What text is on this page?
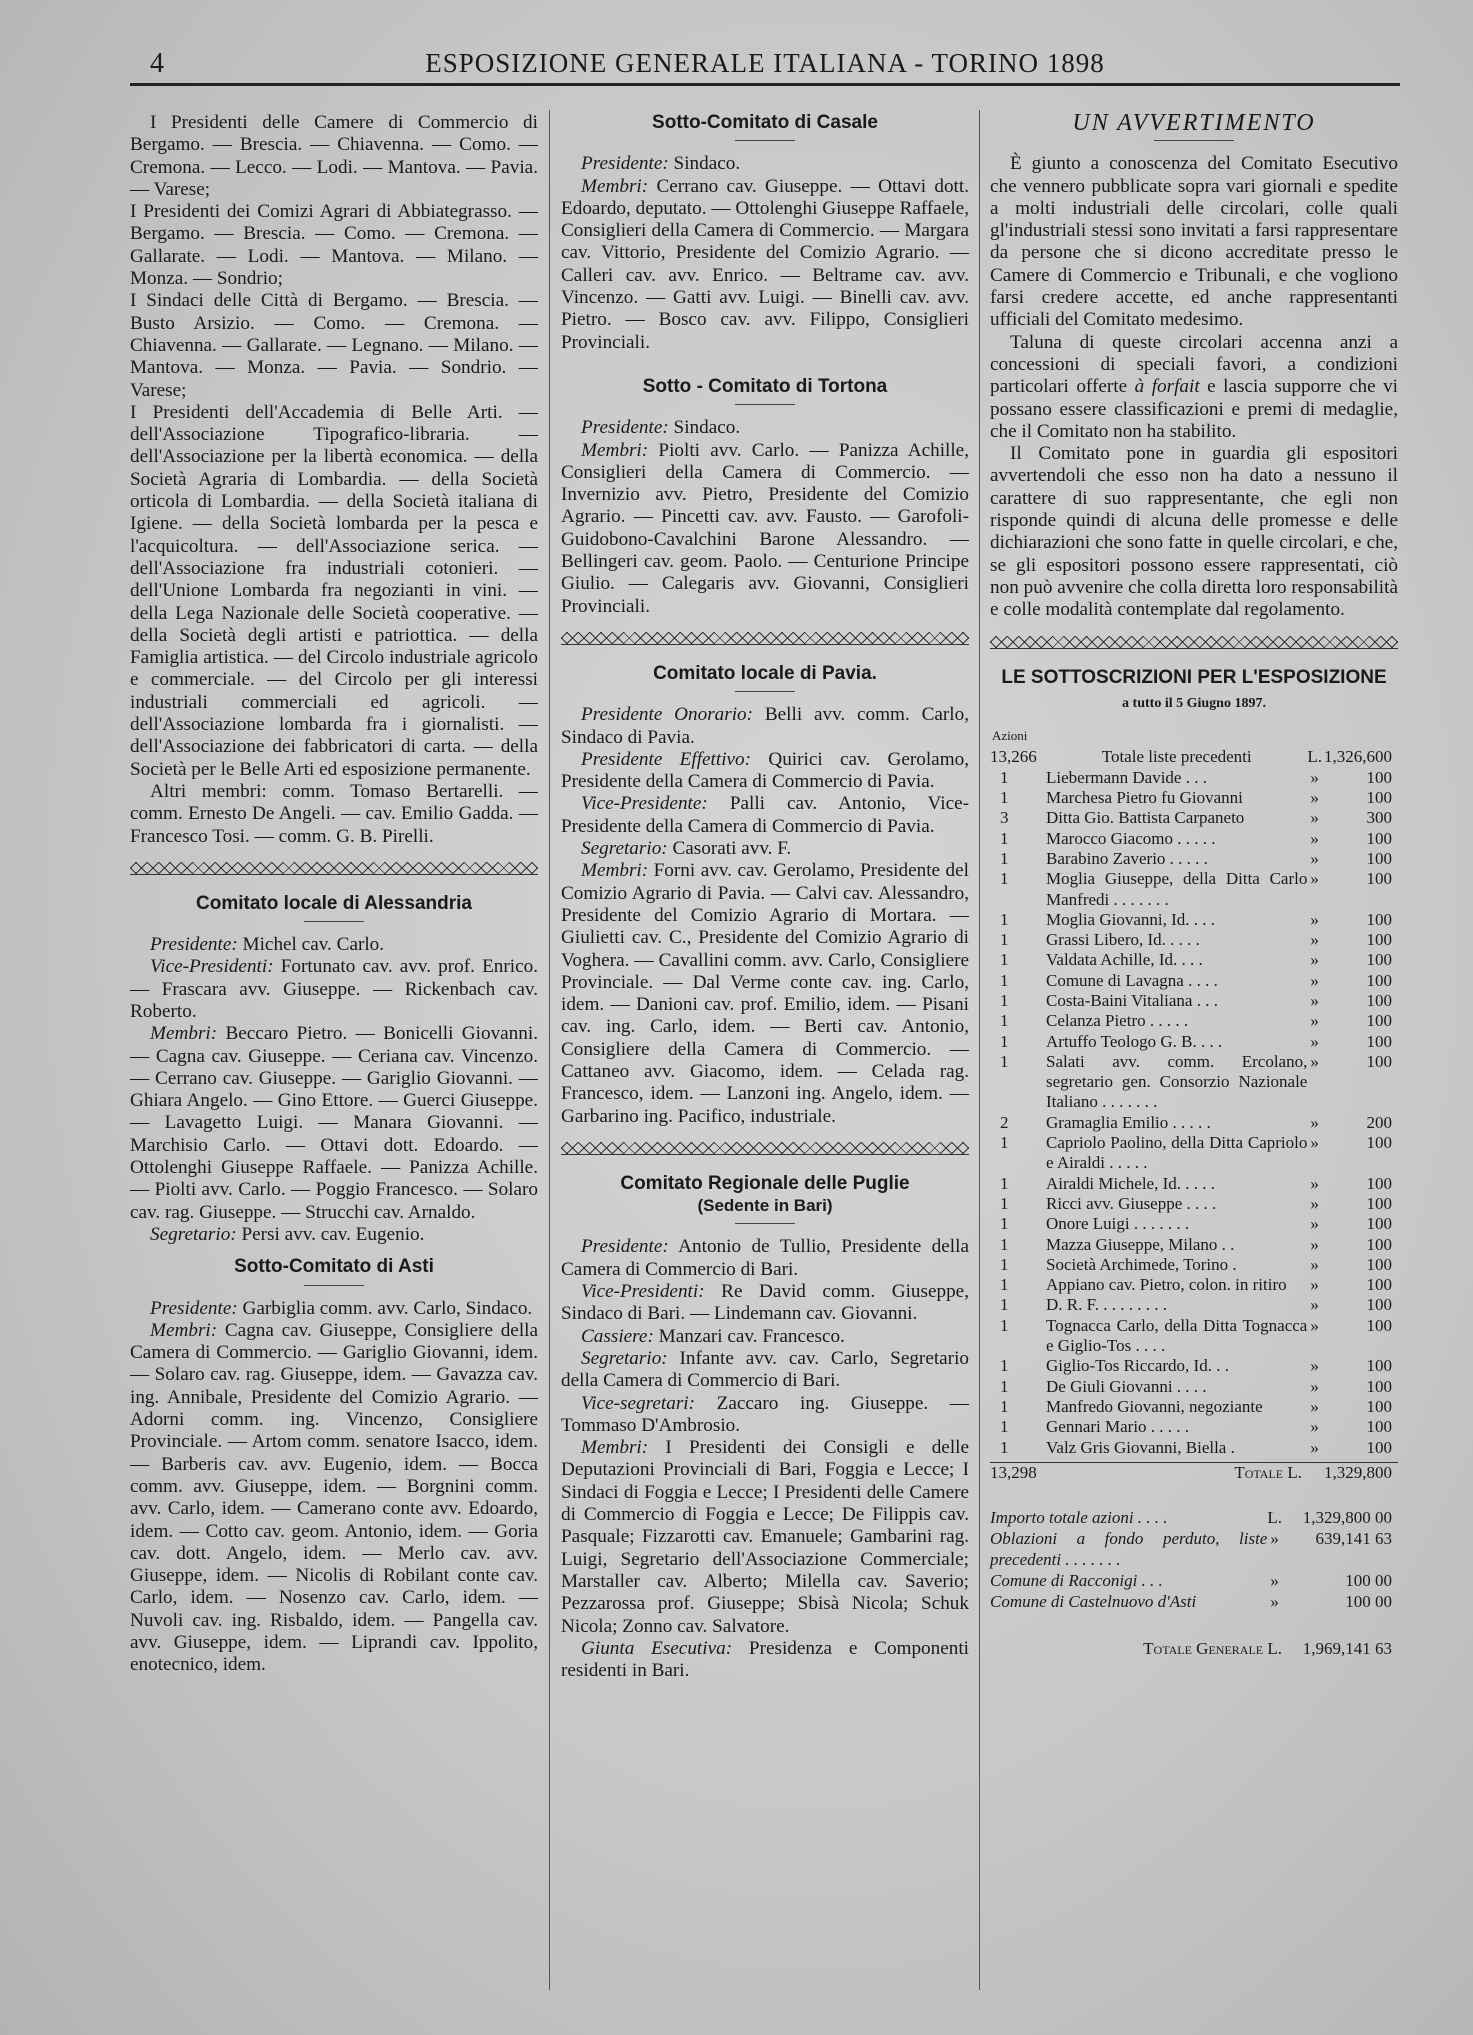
4	ESPOSIZIONE GENERALE ITALIANA - TORINO 1898

I Presidenti delle Camere di Commercio di Bergamo. — Brescia. — Chiavenna. — Como. — Cremona. — Lecco. — Lodi. — Mantova. — Pavia. — Varese;

I Presidenti dei Comizi Agrari di Abbiategrasso. — Bergamo. — Brescia. — Como. — Cremona. — Gallarate. — Lodi. — Mantova. — Milano. — Monza. — Sondrio;

I Sindaci delle Città di Bergamo. — Brescia. — Busto Arsizio. — Como. — Cremona. — Chiavenna. — Gallarate. — Legnano. — Milano. — Mantova. — Monza. — Pavia. — Sondrio. — Varese;

I Presidenti dell'Accademia di Belle Arti. — dell'Associazione Tipografico-libraria. — dell'Associazione per la libertà economica. — della Società Agraria di Lombardia. — della Società orticola di Lombardia. — della Società italiana di Igiene. — della Società lombarda per la pesca e l'acquicoltura. — dell'Associazione serica. — dell'Associazione fra industriali cotonieri. — dell'Unione Lombarda fra negozianti in vini. — della Lega Nazionale delle Società cooperative. — della Società degli artisti e patriottica. — della Famiglia artistica. — del Circolo industriale agricolo e commerciale. — del Circolo per gli interessi industriali commerciali ed agricoli. — dell'Associazione lombarda fra i giornalisti. — dell'Associazione dei fabbricatori di carta. — della Società per le Belle Arti ed esposizione permanente.

Altri membri: comm. Tomaso Bertarelli. — comm. Ernesto De Angeli. — cav. Emilio Gadda. — Francesco Tosi. — comm. G. B. Pirelli.

Comitato locale di Alessandria

Presidente: Michel cav. Carlo.

Vice-Presidenti: Fortunato cav. avv. prof. Enrico. — Frascara avv. Giuseppe. — Rickenbach cav. Roberto.

Membri: Beccaro Pietro. — Bonicelli Giovanni. — Cagna cav. Giuseppe. — Ceriana cav. Vincenzo. — Cerrano cav. Giuseppe. — Gariglio Giovanni. — Ghiara Angelo. — Gino Ettore. — Guerci Giuseppe. — Lavagetto Luigi. — Manara Giovanni. — Marchisio Carlo. — Ottavi dott. Edoardo. — Ottolenghi Giuseppe Raffaele. — Panizza Achille. — Piolti avv. Carlo. — Poggio Francesco. — Solaro cav. rag. Giuseppe. — Strucchi cav. Arnaldo.

Segretario: Persi avv. cav. Eugenio.

Sotto-Comitato di Asti

Presidente: Garbiglia comm. avv. Carlo, Sindaco.

Membri: Cagna cav. Giuseppe, Consigliere della Camera di Commercio. — Gariglio Giovanni, idem. — Solaro cav. rag. Giuseppe, idem. — Gavazza cav. ing. Annibale, Presidente del Comizio Agrario. — Adorni comm. ing. Vincenzo, Consigliere Provinciale. — Artom comm. senatore Isacco, idem. — Barberis cav. avv. Eugenio, idem. — Bocca comm. avv. Giuseppe, idem. — Borgnini comm. avv. Carlo, idem. — Camerano conte avv. Edoardo, idem. — Cotto cav. geom. Antonio, idem. — Goria cav. dott. Angelo, idem. — Merlo cav. avv. Giuseppe, idem. — Nicolis di Robilant conte cav. Carlo, idem. — Nosenzo cav. Carlo, idem. — Nuvoli cav. ing. Risbaldo, idem. — Pangella cav. avv. Giuseppe, idem. — Liprandi cav. Ippolito, enotecnico, idem.

Sotto-Comitato di Casale

Presidente: Sindaco.

Membri: Cerrano cav. Giuseppe. — Ottavi dott. Edoardo, deputato. — Ottolenghi Giuseppe Raffaele, Consiglieri della Camera di Commercio. — Margara cav. Vittorio, Presidente del Comizio Agrario. — Calleri cav. avv. Enrico. — Beltrame cav. avv. Vincenzo. — Gatti avv. Luigi. — Binelli cav. avv. Pietro. — Bosco cav. avv. Filippo, Consiglieri Provinciali.

Sotto - Comitato di Tortona

Presidente: Sindaco.

Membri: Piolti avv. Carlo. — Panizza Achille, Consiglieri della Camera di Commercio. — Invernizio avv. Pietro, Presidente del Comizio Agrario. — Pincetti cav. avv. Fausto. — Garofoli-Guidobono-Cavalchini Barone Alessandro. — Bellingeri cav. geom. Paolo. — Centurione Principe Giulio. — Calegaris avv. Giovanni, Consiglieri Provinciali.

Comitato locale di Pavia.

Presidente Onorario: Belli avv. comm. Carlo, Sindaco di Pavia.

Presidente Effettivo: Quirici cav. Gerolamo, Presidente della Camera di Commercio di Pavia.

Vice-Presidente: Palli cav. Antonio, Vice-Presidente della Camera di Commercio di Pavia.

Segretario: Casorati avv. F.

Membri: Forni avv. cav. Gerolamo, Presidente del Comizio Agrario di Pavia. — Calvi cav. Alessandro, Presidente del Comizio Agrario di Mortara. — Giulietti cav. C., Presidente del Comizio Agrario di Voghera. — Cavallini comm. avv. Carlo, Consigliere Provinciale. — Dal Verme conte cav. ing. Carlo, idem. — Danioni cav. prof. Emilio, idem. — Pisani cav. ing. Carlo, idem. — Berti cav. Antonio, Consigliere della Camera di Commercio. — Cattaneo avv. Giacomo, idem. — Celada rag. Francesco, idem. — Lanzoni ing. Angelo, idem. — Garbarino ing. Pacifico, industriale.

Comitato Regionale delle Puglie
(Sedente in Bari)

Presidente: Antonio de Tullio, Presidente della Camera di Commercio di Bari.

Vice-Presidenti: Re David comm. Giuseppe, Sindaco di Bari. — Lindemann cav. Giovanni.

Cassiere: Manzari cav. Francesco.

Segretario: Infante avv. cav. Carlo, Segretario della Camera di Commercio di Bari.

Vice-segretari: Zaccaro ing. Giuseppe. — Tommaso D'Ambrosio.

Membri: I Presidenti dei Consigli e delle Deputazioni Provinciali di Bari, Foggia e Lecce; I Sindaci di Foggia e Lecce; I Presidenti delle Camere di Commercio di Foggia e Lecce; De Filippis cav. Pasquale; Fizzarotti cav. Emanuele; Gambarini rag. Luigi, Segretario dell'Associazione Commerciale; Marstaller cav. Alberto; Milella cav. Saverio; Pezzarossa prof. Giuseppe; Sbisà Nicola; Schuk Nicola; Zonno cav. Salvatore.

Giunta Esecutiva: Presidenza e Componenti residenti in Bari.

UN AVVERTIMENTO

È giunto a conoscenza del Comitato Esecutivo che vennero pubblicate sopra vari giornali e spedite a molti industriali delle circolari, colle quali gl'industriali stessi sono invitati a farsi rappresentare da persone che si dicono accreditate presso le Camere di Commercio e Tribunali, e che vogliono farsi credere accette, ed anche rappresentanti ufficiali del Comitato medesimo.

Taluna di queste circolari accenna anzi a concessioni di speciali favori, a condizioni particolari offerte à forfait e lascia supporre che vi possano essere classificazioni e premi di medaglie, che il Comitato non ha stabilito.

Il Comitato pone in guardia gli espositori avvertendoli che esso non ha dato a nessuno il carattere di suo rappresentante, che egli non risponde quindi di alcuna delle promesse e delle dichiarazioni che sono fatte in quelle circolari, e che, se gli espositori possono essere rappresentati, ciò non può avvenire che colla diretta loro responsabilità e colle modalità contemplate dal regolamento.

LE SOTTOSCRIZIONI PER L'ESPOSIZIONE
a tutto il 5 Giugno 1897.
Azioni
13,266	Totale liste precedenti	L.	1,326,600
1	Liebermann Davide . . .	»	100
1	Marchesa Pietro fu Giovanni	»	100
3	Ditta Gio. Battista Carpaneto	»	300
1	Marocco Giacomo . . . . .	»	100
1	Barabino Zaverio . . . . .	»	100
1	Moglia Giuseppe, della Ditta Carlo Manfredi . . . . . . .	»	100
1	Moglia Giovanni, Id. . . .	»	100
1	Grassi Libero, Id. . . . .	»	100
1	Valdata Achille, Id. . . .	»	100
1	Comune di Lavagna . . . .	»	100
1	Costa-Baini Vitaliana . . .	»	100
1	Celanza Pietro . . . . .	»	100
1	Artuffo Teologo G. B. . . .	»	100
1	Salati avv. comm. Ercolano, segretario gen. Consorzio Nazionale Italiano . . . . . . .	»	100
2	Gramaglia Emilio . . . . .	»	200
1	Capriolo Paolino, della Ditta Capriolo e Airaldi . . . . .	»	100
1	Airaldi Michele, Id. . . . .	»	100
1	Ricci avv. Giuseppe . . . .	»	100
1	Onore Luigi . . . . . . .	»	100
1	Mazza Giuseppe, Milano . .	»	100
1	Società Archimede, Torino .	»	100
1	Appiano cav. Pietro, colon. in ritiro	»	100
1	D. R. F. . . . . . . . .	»	100
1	Tognacca Carlo, della Ditta Tognacca e Giglio-Tos . . . .	»	100
1	Giglio-Tos Riccardo, Id. . .	»	100
1	De Giuli Giovanni . . . .	»	100
1	Manfredo Giovanni, negoziante	»	100
1	Gennari Mario . . . . .	»	100
1	Valz Gris Giovanni, Biella .	»	100
13,298	Totale L.	1,329,800
Importo totale azioni . . . .	L.	1,329,800 00
Oblazioni a fondo perduto, liste precedenti . . . . . . .	»	639,141 63
Comune di Racconigi . . .	»	100 00
Comune di Castelnuovo d'Asti	»	100 00
Totale Generale L.	1,969,141 63
